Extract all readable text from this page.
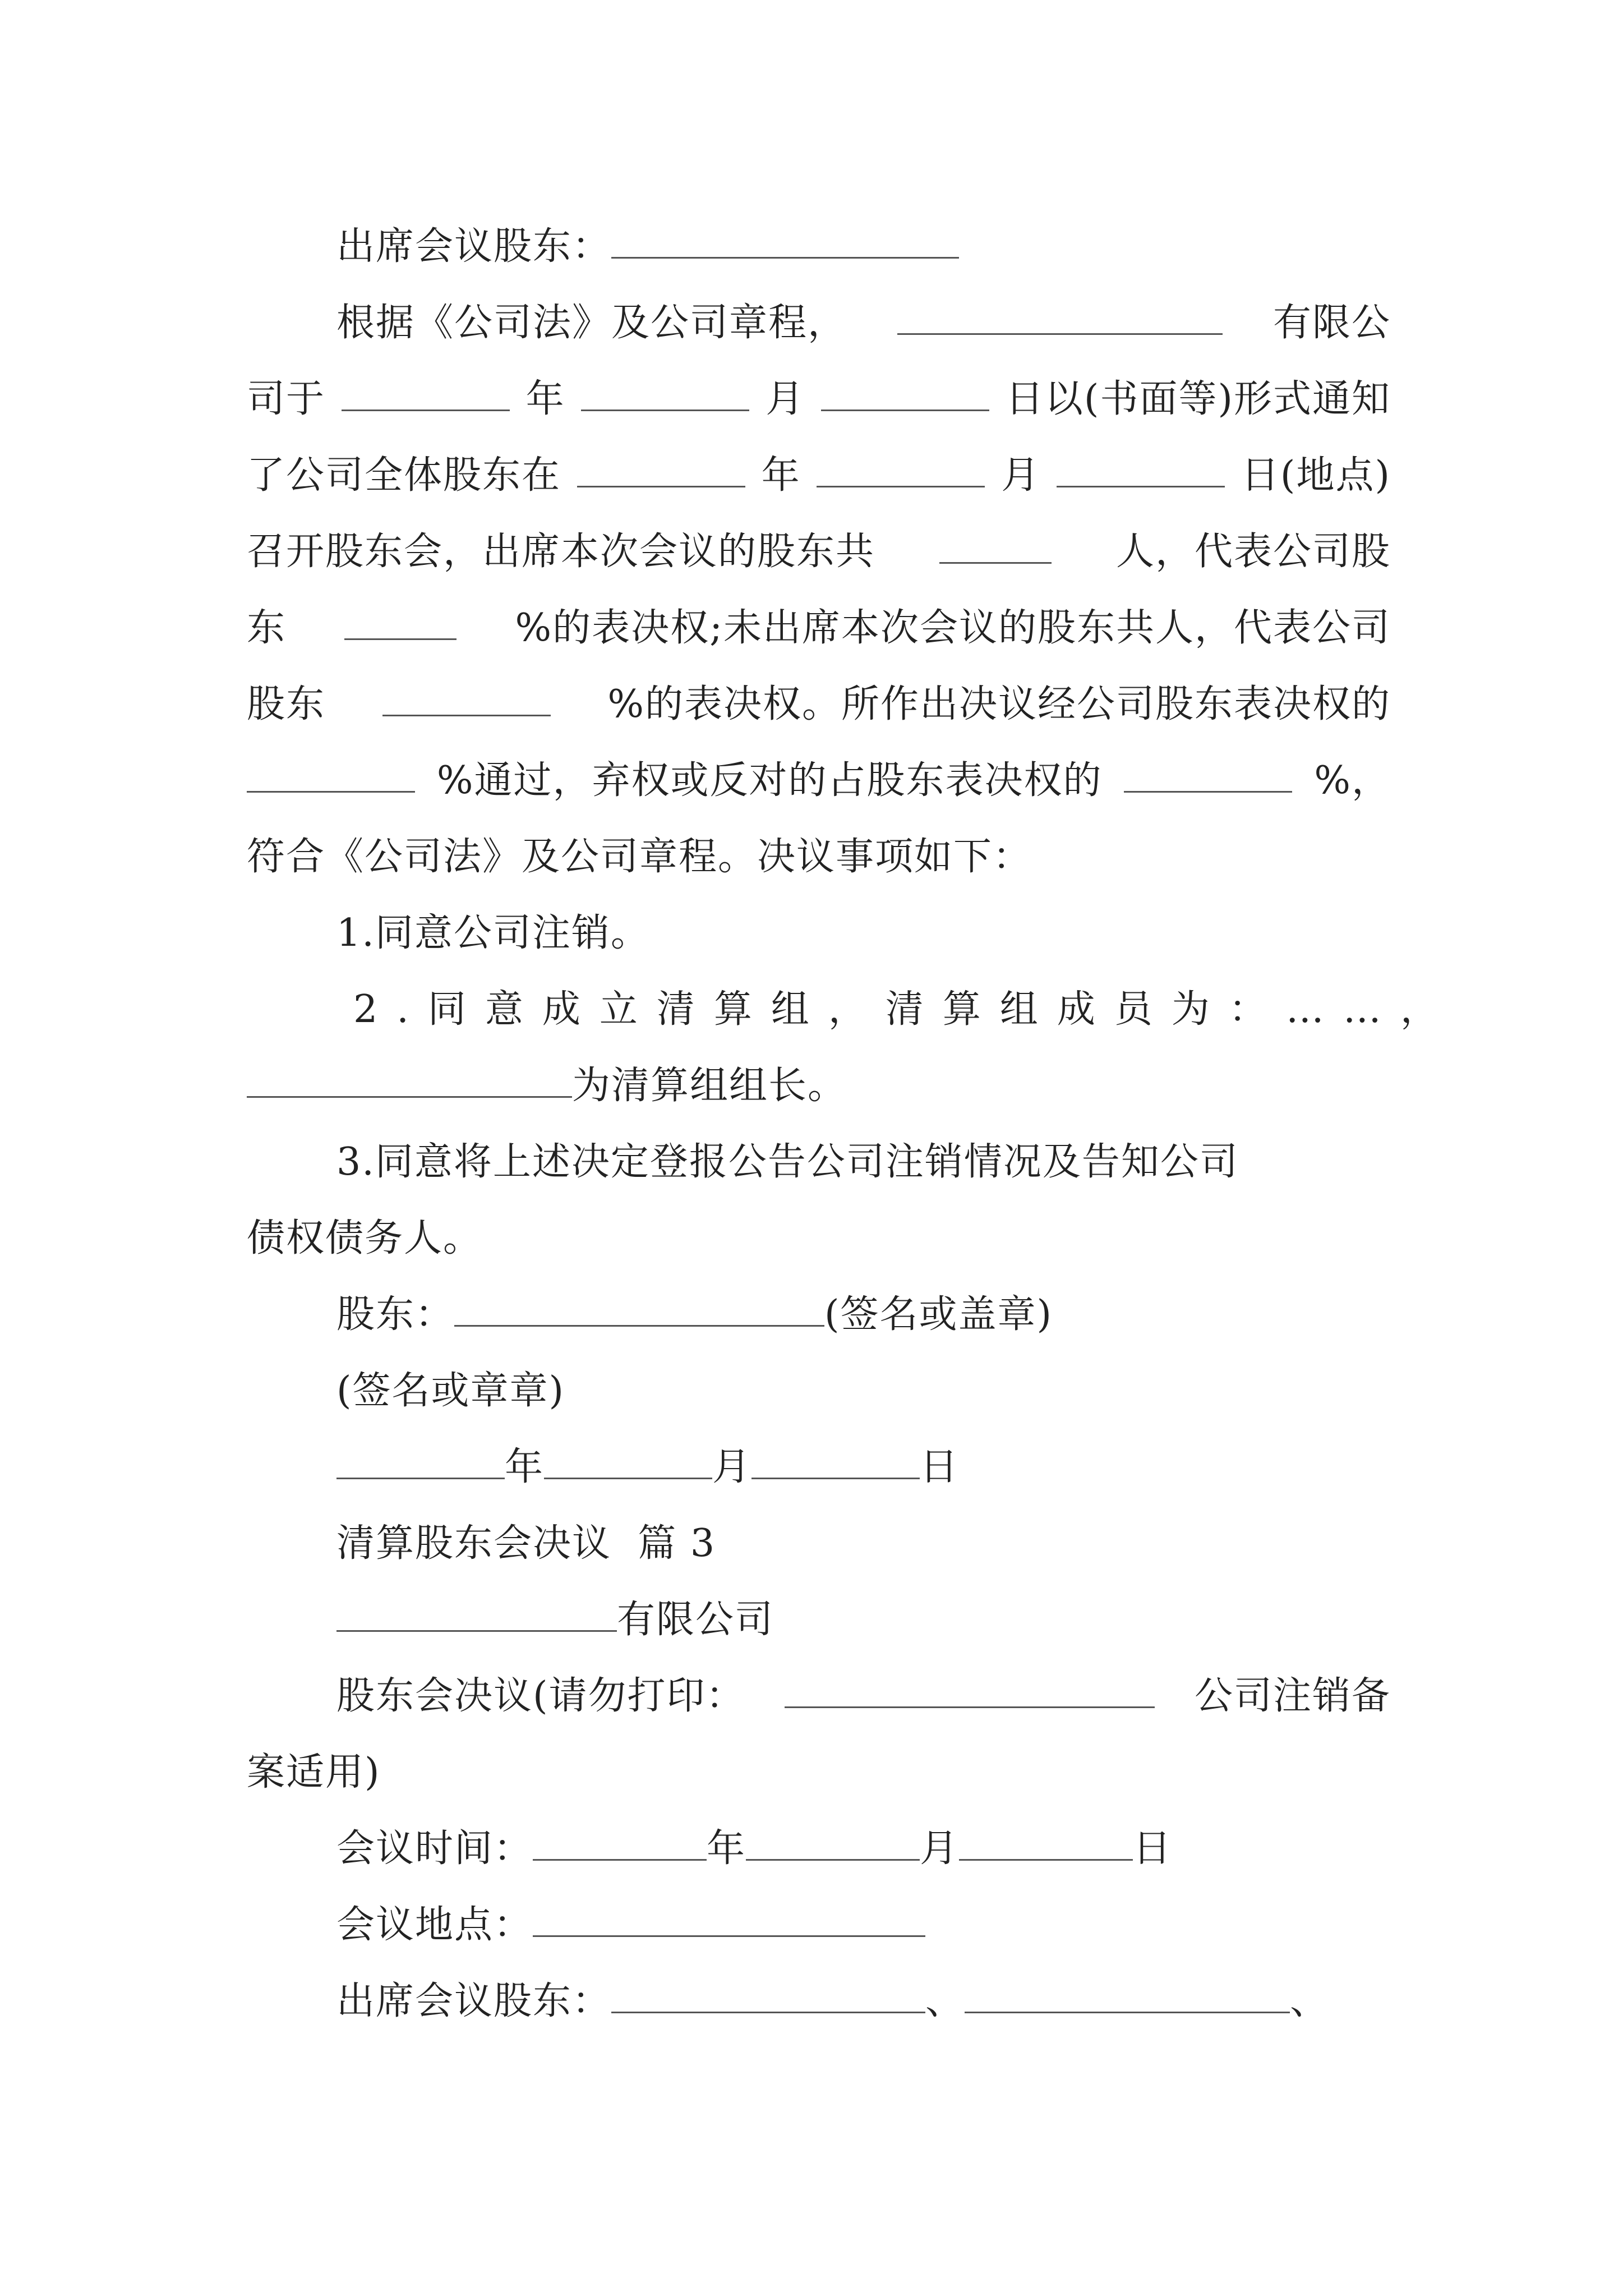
出席会议股东：
根据《公司法》及公司章程，	有限公
司于	年	月	日以(书面等)形式通知
了公司全体股东在	年	月	日(地点)
召开股东会，出席本次会议的股东共	人，代表公司股
东	%的表决权;未出席本次会议的股东共人，代表公司
股东	%的表决权。所作出决议经公司股东表决权的
%通过，弃权或反对的占股东表决权的	%，
符合《公司法》及公司章程。决议事项如下：
1.同意公司注销。
2.同意成立清算组，清算组成员为：……，
为清算组组长。
3.同意将上述决定登报公告公司注销情况及告知公司
债权债务人。
股东：	(签名或盖章)
(签名或章章)
年	月	日
清算股东会决议  篇 3
有限公司
股东会决议(请勿打印：	公司注销备
案适用)
会议时间：	年	月	日
会议地点：
出席会议股东：	、	、
